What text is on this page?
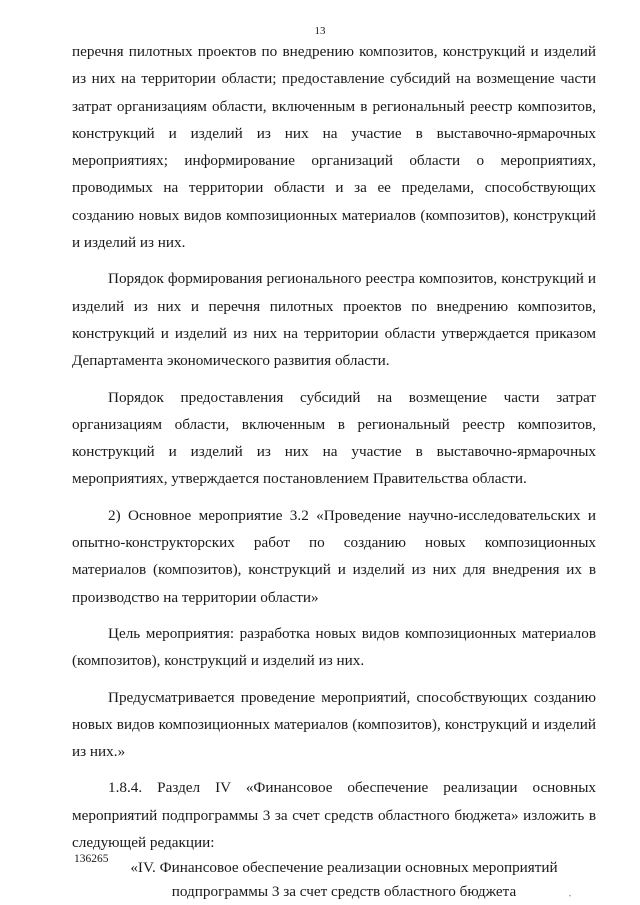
13

перечня пилотных проектов по внедрению композитов, конструкций и изделий из них на территории области; предоставление субсидий на возмещение части затрат организациям области, включенным в региональный реестр композитов, конструкций и изделий из них на участие в выставочно-ярмарочных мероприятиях; информирование организаций области о мероприятиях, проводимых на территории области и за ее пределами, способствующих созданию новых видов композиционных материалов (композитов), конструкций и изделий из них.

Порядок формирования регионального реестра композитов, конструкций и изделий из них и перечня пилотных проектов по внедрению композитов, конструкций и изделий из них на территории области утверждается приказом Департамента экономического развития области.

Порядок предоставления субсидий на возмещение части затрат организациям области, включенным в региональный реестр композитов, конструкций и изделий из них на участие в выставочно-ярмарочных мероприятиях, утверждается постановлением Правительства области.

2) Основное мероприятие 3.2 «Проведение научно-исследовательских и опытно-конструкторских работ по созданию новых композиционных материалов (композитов), конструкций и изделий из них для внедрения их в производство на территории области»

Цель мероприятия: разработка новых видов композиционных материалов (композитов), конструкций и изделий из них.

Предусматривается проведение мероприятий, способствующих созданию новых видов композиционных материалов (композитов), конструкций и изделий из них.»

1.8.4. Раздел IV «Финансовое обеспечение реализации основных мероприятий подпрограммы 3 за счет средств областного бюджета» изложить в следующей редакции:

«IV. Финансовое обеспечение реализации основных мероприятий подпрограммы 3 за счет средств областного бюджета

136265
"
